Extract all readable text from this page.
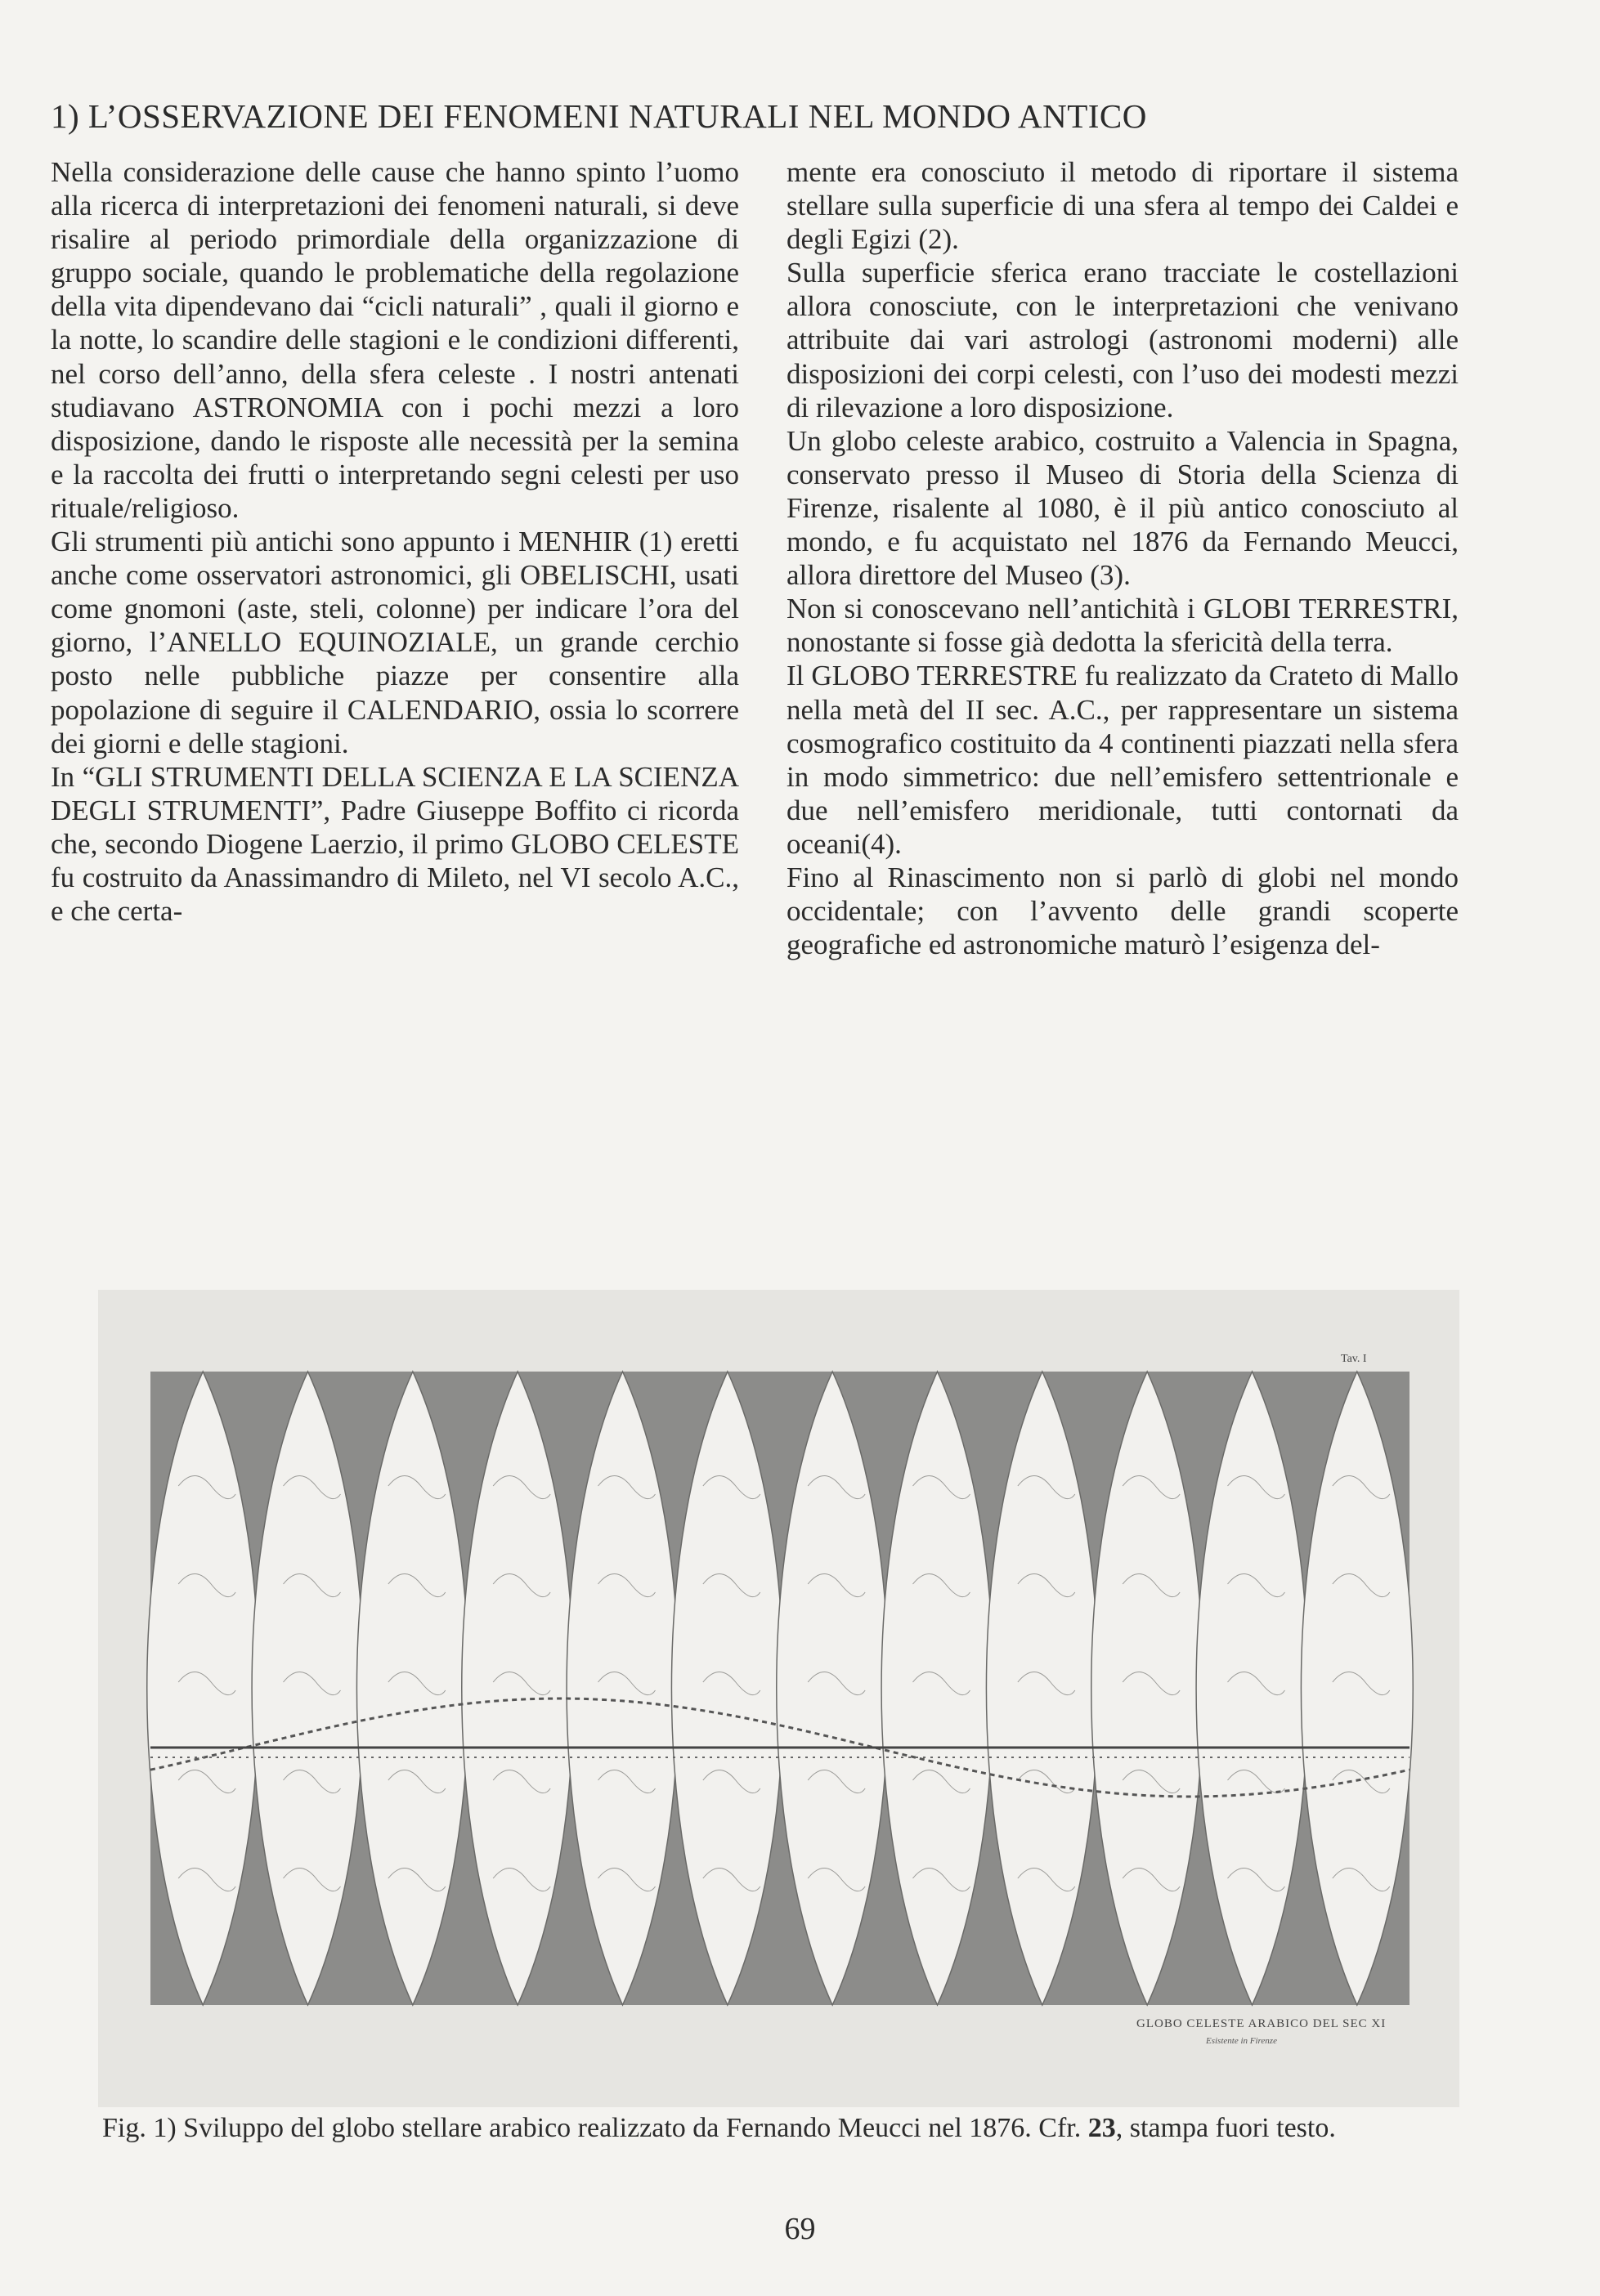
1) L’OSSERVAZIONE DEI FENOMENI NATURALI NEL MONDO ANTICO

Nella considerazione delle cause che hanno spinto l’uomo alla ricerca di interpretazioni dei fenomeni naturali, si deve risalire al periodo primordiale della organizzazione di gruppo sociale, quando le problematiche della regolazione della vita dipendevano dai “cicli naturali” , quali il giorno e la notte, lo scandire delle stagioni e le condizioni differenti, nel corso dell’anno, della sfera celeste . I nostri antenati studiavano ASTRONOMIA con i pochi mezzi a loro disposizione, dando le risposte alle necessità per la semina e la raccolta dei frutti o interpretando segni celesti per uso rituale/religioso.

Gli strumenti più antichi sono appunto i MENHIR (1) eretti anche come osservatori astronomici, gli OBELISCHI, usati come gnomoni (aste, steli, colonne) per indicare l’ora del giorno, l’ANELLO EQUINOZIALE, un grande cerchio posto nelle pubbliche piazze per consentire alla popolazione di seguire il CALENDARIO, ossia lo scorrere dei giorni e delle stagioni.

In “GLI STRUMENTI DELLA SCIENZA E LA SCIENZA DEGLI STRUMENTI”, Padre Giuseppe Boffito ci ricorda che, secondo Diogene Laerzio, il primo GLOBO CELESTE fu costruito da Anassimandro di Mileto, nel VI secolo A.C., e che certa-

mente era conosciuto il metodo di riportare il sistema stellare sulla superficie di una sfera al tempo dei Caldei e degli Egizi (2).

Sulla superficie sferica erano tracciate le costellazioni allora conosciute, con le interpretazioni che venivano attribuite dai vari astrologi (astronomi moderni) alle disposizioni dei corpi celesti, con l’uso dei modesti mezzi di rilevazione a loro disposizione.

Un globo celeste arabico, costruito a Valencia in Spagna, conservato presso il Museo di Storia della Scienza di Firenze, risalente al 1080, è il più antico conosciuto al mondo, e fu acquistato nel 1876 da Fernando Meucci, allora direttore del Museo (3).

Non si conoscevano nell’antichità i GLOBI TERRESTRI, nonostante si fosse già dedotta la sfericità della terra.

Il GLOBO TERRESTRE fu realizzato da Crateto di Mallo nella metà del II sec. A.C., per rappresentare un sistema cosmografico costituito da 4 continenti piazzati nella sfera in modo simmetrico: due nell’emisfero settentrionale e due nell’emisfero meridionale, tutti contornati da oceani(4).

Fino al Rinascimento non si parlò di globi nel mondo occidentale; con l’avvento delle grandi scoperte geografiche ed astronomiche maturò l’esigenza del-

Tav. I
GLOBO CELESTE ARABICO DEL SEC XI
Esistente in Firenze
Fig. 1) Sviluppo del globo stellare arabico realizzato da Fernando Meucci nel 1876. Cfr. 23, stampa fuori testo.
69
